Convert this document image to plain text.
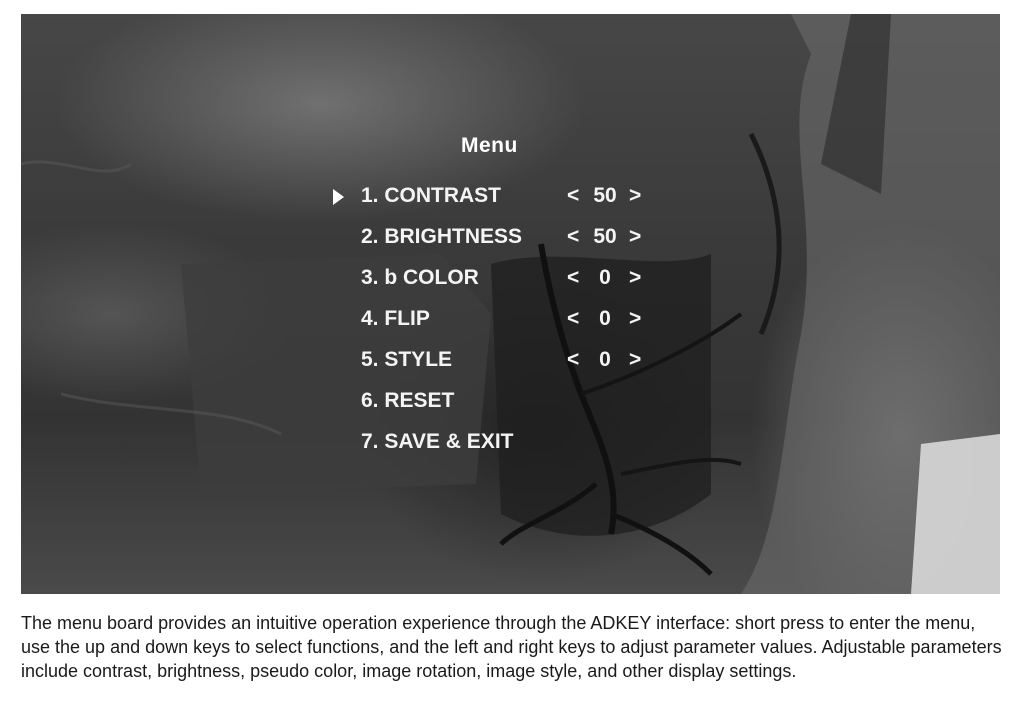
Menu
1. CONTRAST	< 50 >
2. BRIGHTNESS < 50 >
3. b COLOR	< 0 >
4. FLIP	< 0 >
5. STYLE	< 0 >
6. RESET
7. SAVE & EXIT

The menu board provides an intuitive operation experience through the ADKEY interface: short press to enter the menu, use the up and down keys to select functions, and the left and right keys to adjust parameter values. Adjustable parameters include contrast, brightness, pseudo color, image rotation, image style, and other display settings.
